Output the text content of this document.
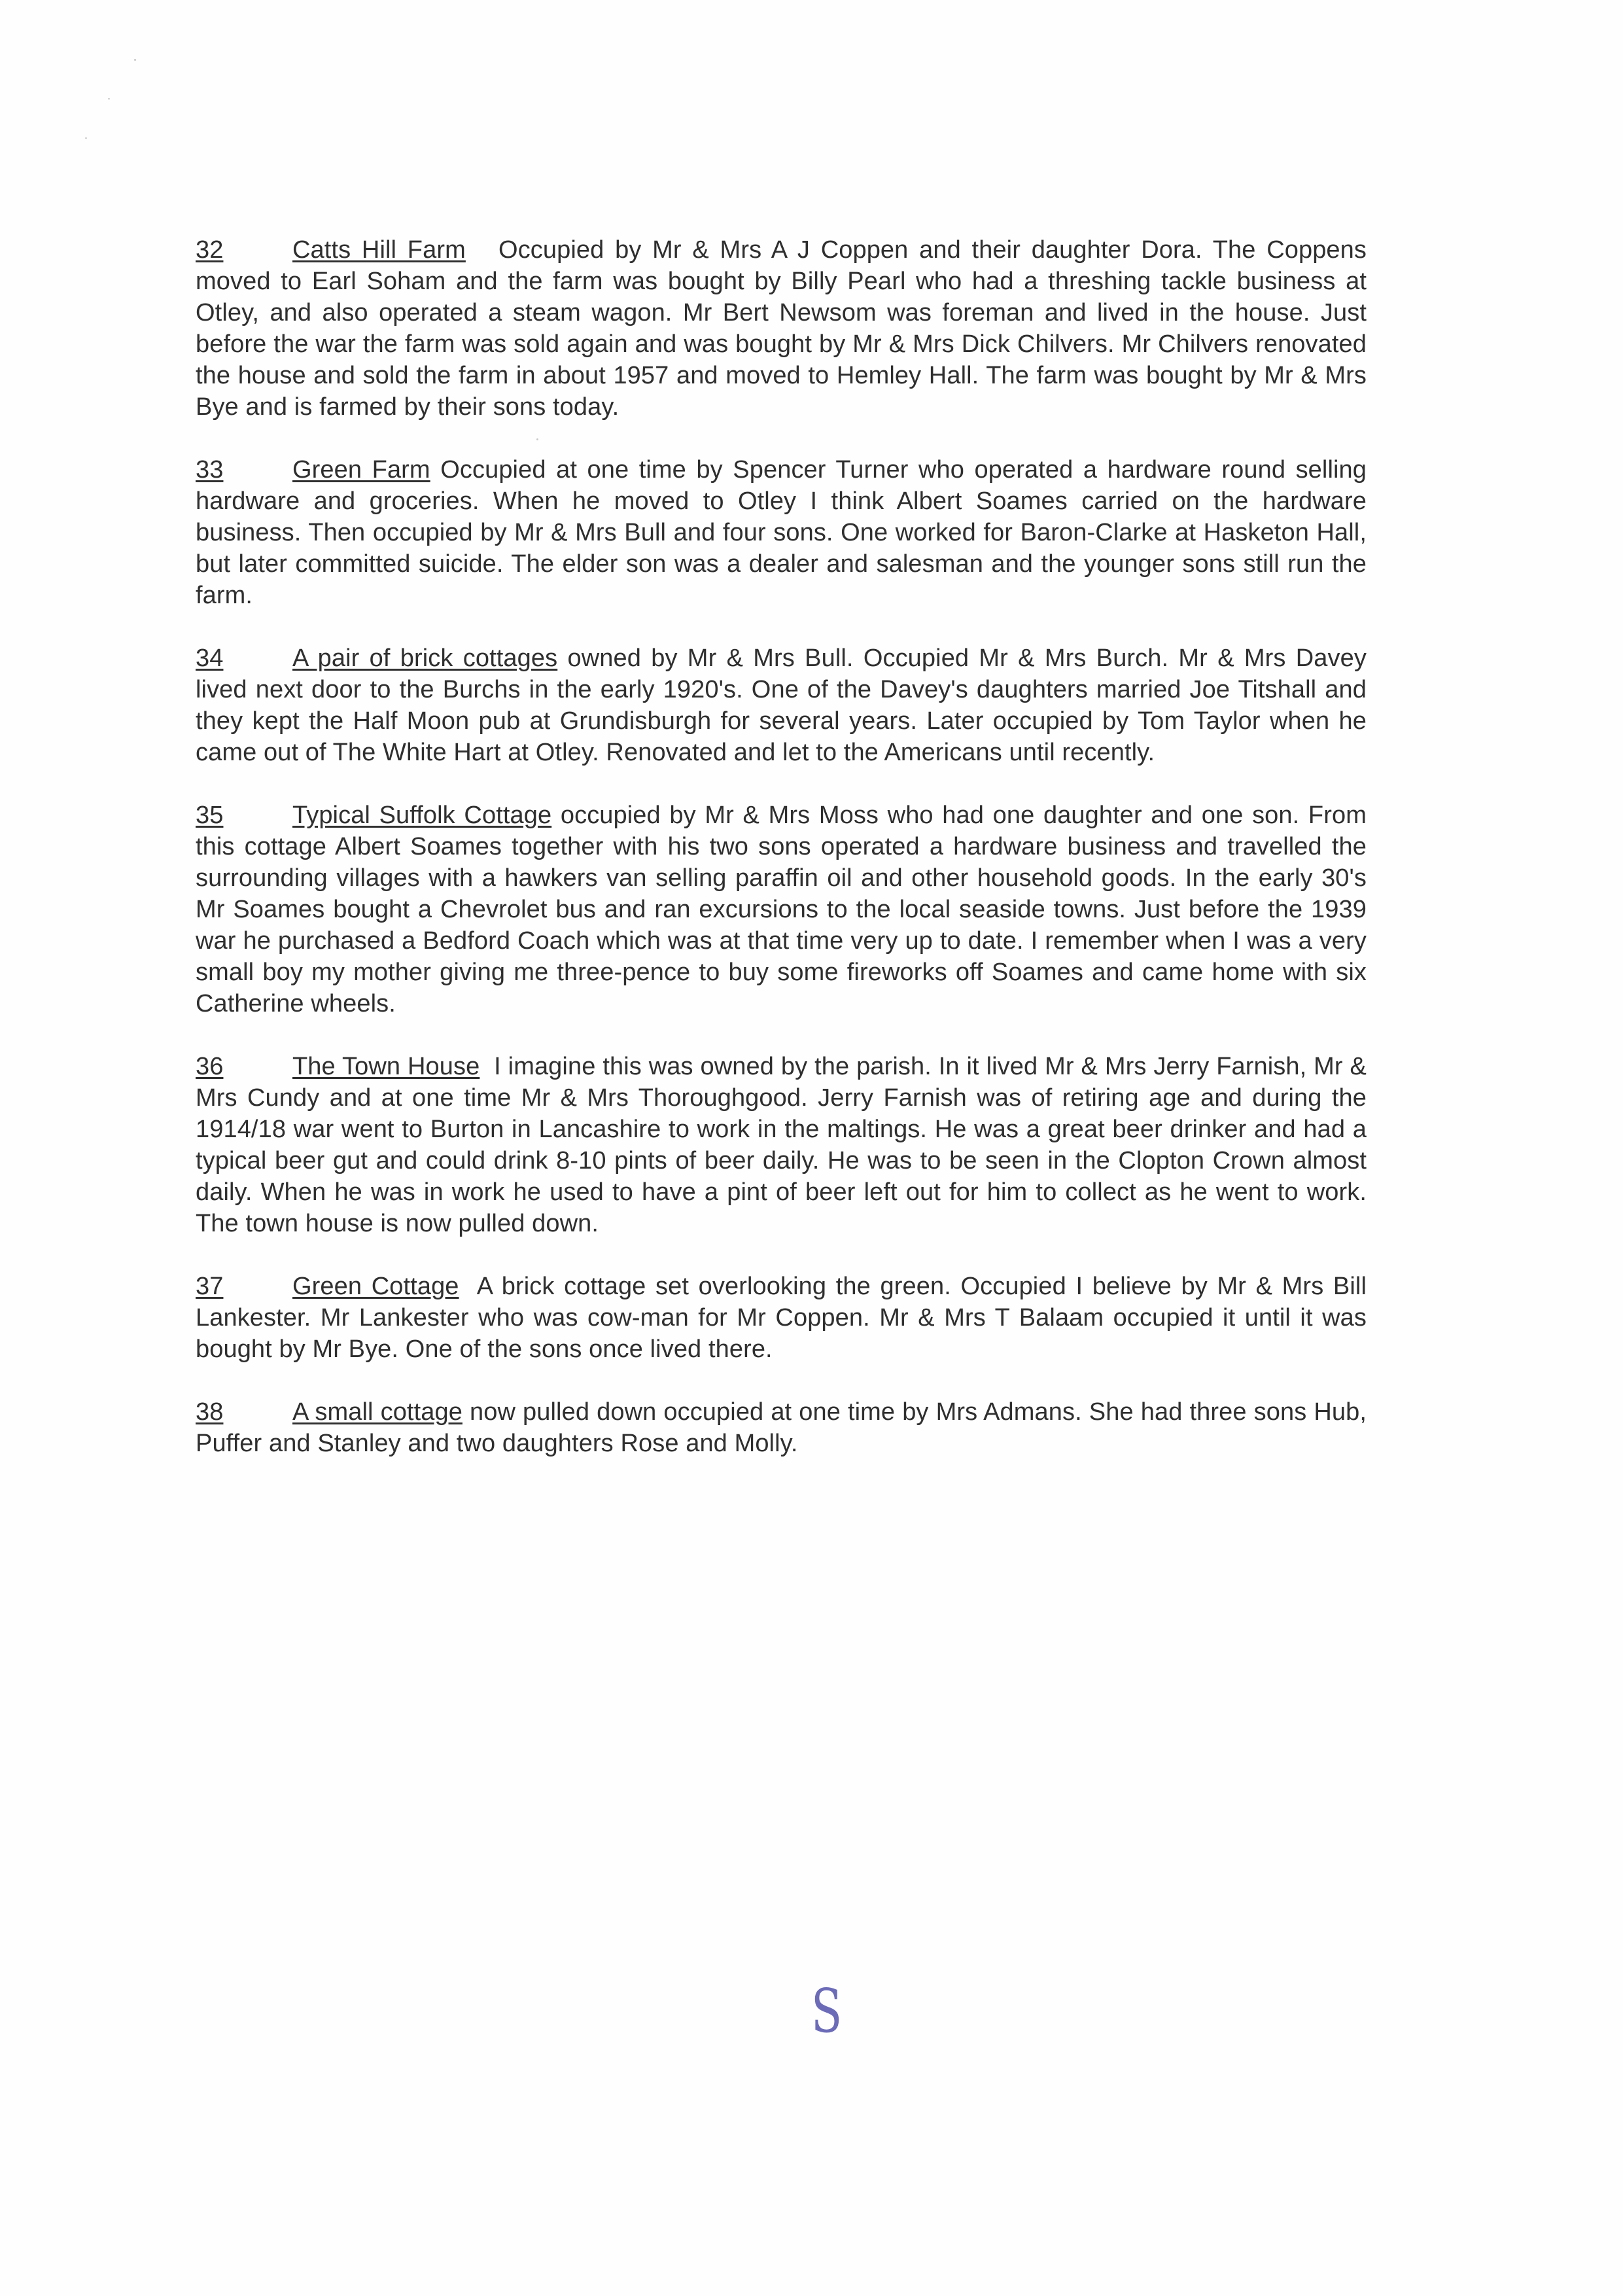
32	Catts Hill Farm Occupied by Mr & Mrs A J Coppen and their daughter Dora. The Coppens moved to Earl Soham and the farm was bought by Billy Pearl who had a threshing tackle business at Otley, and also operated a steam wagon. Mr Bert Newsom was foreman and lived in the house. Just before the war the farm was sold again and was bought by Mr & Mrs Dick Chilvers. Mr Chilvers renovated the house and sold the farm in about 1957 and moved to Hemley Hall. The farm was bought by Mr & Mrs Bye and is farmed by their sons today.

33	Green Farm Occupied at one time by Spencer Turner who operated a hardware round selling hardware and groceries. When he moved to Otley I think Albert Soames carried on the hardware business. Then occupied by Mr & Mrs Bull and four sons. One worked for Baron-Clarke at Hasketon Hall, but later committed suicide. The elder son was a dealer and salesman and the younger sons still run the farm.

34	A pair of brick cottages owned by Mr & Mrs Bull. Occupied Mr & Mrs Burch. Mr & Mrs Davey lived next door to the Burchs in the early 1920's. One of the Davey's daughters married Joe Titshall and they kept the Half Moon pub at Grundisburgh for several years. Later occupied by Tom Taylor when he came out of The White Hart at Otley. Renovated and let to the Americans until recently.

35	Typical Suffolk Cottage occupied by Mr & Mrs Moss who had one daughter and one son. From this cottage Albert Soames together with his two sons operated a hardware business and travelled the surrounding villages with a hawkers van selling paraffin oil and other household goods. In the early 30's Mr Soames bought a Chevrolet bus and ran excursions to the local seaside towns. Just before the 1939 war he purchased a Bedford Coach which was at that time very up to date. I remember when I was a very small boy my mother giving me three-pence to buy some fireworks off Soames and came home with six Catherine wheels.

36	The Town House I imagine this was owned by the parish. In it lived Mr & Mrs Jerry Farnish, Mr & Mrs Cundy and at one time Mr & Mrs Thoroughgood. Jerry Farnish was of retiring age and during the 1914/18 war went to Burton in Lancashire to work in the maltings. He was a great beer drinker and had a typical beer gut and could drink 8-10 pints of beer daily. He was to be seen in the Clopton Crown almost daily. When he was in work he used to have a pint of beer left out for him to collect as he went to work. The town house is now pulled down.

37	Green Cottage A brick cottage set overlooking the green. Occupied I believe by Mr & Mrs Bill Lankester. Mr Lankester who was cow-man for Mr Coppen. Mr & Mrs T Balaam occupied it until it was bought by Mr Bye. One of the sons once lived there.

38	A small cottage now pulled down occupied at one time by Mrs Admans. She had three sons Hub, Puffer and Stanley and two daughters Rose and Molly.

S
